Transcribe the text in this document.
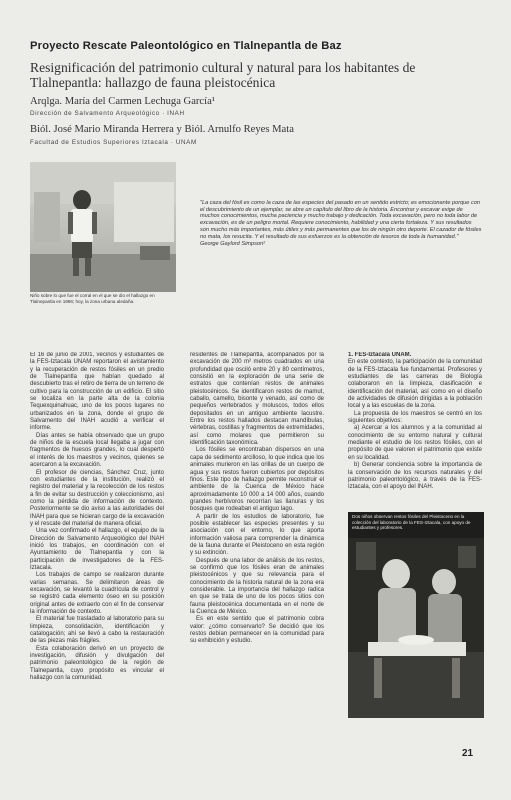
Proyecto Rescate Paleontológico en Tlalnepantla de Baz
Resignificación del patrimonio cultural y natural para los habitantes de Tlalnepantla: hallazgo de fauna pleistocénica
Arqlga. María del Carmen Lechuga García¹
Dirección de Salvamento Arqueológico · INAH
Biól. José Mario Miranda Herrera y Biól. Arnulfo Reyes Mata
Facultad de Estudios Superiores Iztacala · UNAM
Niño sobre lo que fue el corral en el que se dio el hallazgo en Tlalnepantla en 1966; hoy, la zona urbana aledaña.
"La caza del fósil es como la caza de las especies del pasado en un sentido estricto; es emocionante porque con el descubrimiento de un ejemplar, se abre un capítulo del libro de la historia. Encontrar y excavar exige de muchos conocimientos, mucha paciencia y mucho trabajo y dedicación. Toda excavación, pero no toda labor de excavación, es de un peligro mortal. Requiere conocimiento, habilidad y una cierta fortaleza. Y sus resultados son mucho más importantes, más útiles y más permanentes que los de ningún otro deporte. El cazador de fósiles no mata, los resucita. Y el resultado de sus esfuerzos es la obtención de tesoros de toda la humanidad."
George Gaylord Simpson²

El 16 de junio de 2001, vecinos y estudiantes de la FES-Iztacala UNAM reportaron el avistamiento y la recuperación de restos fósiles en un predio de Tlalnepantla que habían quedado al descubierto tras el retiro de tierra de un terreno de cultivo para la construcción de un edificio. El sitio se localiza en la parte alta de la colonia Tequexquinahuac, uno de los pocos lugares no urbanizados en la zona, donde el grupo de Salvamento del INAH acudió a verificar el informe.

Días antes se había observado que un grupo de niños de la escuela local llegaba a jugar con fragmentos de huesos grandes, lo cual despertó el interés de los maestros y vecinos, quienes se acercaron a la excavación.

El profesor de ciencias, Sánchez Cruz, junto con estudiantes de la institución, realizó el registro del material y la recolección de los restos a fin de evitar su destrucción y coleccionismo, así como la pérdida de información de contexto. Posteriormente se dio aviso a las autoridades del INAH para que se hicieran cargo de la excavación y el rescate del material de manera oficial.

Una vez confirmado el hallazgo, el equipo de la Dirección de Salvamento Arqueológico del INAH inició los trabajos, en coordinación con el Ayuntamiento de Tlalnepantla y con la participación de investigadores de la FES-Iztacala.

Los trabajos de campo se realizaron durante varias semanas. Se delimitaron áreas de excavación, se levantó la cuadrícula de control y se registró cada elemento óseo en su posición original antes de extraerlo con el fin de conservar la información de contexto.

El material fue trasladado al laboratorio para su limpieza, consolidación, identificación y catalogación; ahí se llevó a cabo la restauración de las piezas más frágiles.

Esta colaboración derivó en un proyecto de investigación, difusión y divulgación del patrimonio paleontológico de la región de Tlalnepantla, cuyo propósito es vincular el hallazgo con la comunidad.

residentes de Tlalnepantla, acompañados por la excavación de 200 m² metros cuadrados en una profundidad que osciló entre 20 y 80 centímetros, consistió en la exploración de una serie de estratos que contenían restos de animales pleistocénicos. Se identificaron restos de mamut, caballo, camello, bisonte y venado, así como de pequeños vertebrados y moluscos, todos ellos depositados en un antiguo ambiente lacustre. Entre los restos hallados destacan mandíbulas, vértebras, costillas y fragmentos de extremidades, así como molares que permitieron su identificación taxonómica.

Los fósiles se encontraban dispersos en una capa de sedimento arcilloso, lo que indica que los animales murieron en las orillas de un cuerpo de agua y sus restos fueron cubiertos por depósitos finos. Este tipo de hallazgo permite reconstruir el ambiente de la Cuenca de México hace aproximadamente 10 000 a 14 000 años, cuando grandes herbívoros recorrían las llanuras y los bosques que rodeaban el antiguo lago.

A partir de los estudios de laboratorio, fue posible establecer las especies presentes y su asociación con el entorno, lo que aporta información valiosa para comprender la dinámica de la fauna durante el Pleistoceno en esta región y su extinción.

Después de una labor de análisis de los restos, se confirmó que los fósiles eran de animales pleistocénicos y que su relevancia para el conocimiento de la historia natural de la zona era considerable. La importancia del hallazgo radica en que se trata de uno de los pocos sitios con fauna pleistocénica documentada en el norte de la Cuenca de México.

Es en este sentido que el patrimonio cobra valor: ¿cómo conservarlo? Se decidió que los restos debían permanecer en la comunidad para su exhibición y estudio.

1. FES-Iztacala UNAM.

En este contexto, la participación de la comunidad de la FES-Iztacala fue fundamental. Profesores y estudiantes de las carreras de Biología colaboraron en la limpieza, clasificación e identificación del material, así como en el diseño de actividades de difusión dirigidas a la población local y a las escuelas de la zona.

La propuesta de los maestros se centró en los siguientes objetivos:

a) Acercar a los alumnos y a la comunidad al conocimiento de su entorno natural y cultural mediante el estudio de los restos fósiles, con el propósito de que valoren el patrimonio que existe en su localidad.

b) Generar conciencia sobre la importancia de la conservación de los recursos naturales y del patrimonio paleontológico, a través de la FES-Iztacala, con el apoyo del INAH.

Dos niños observan restos fósiles del Pleistoceno en la colección del laboratorio de la FES-Iztacala, con apoyo de estudiantes y profesores.
21
